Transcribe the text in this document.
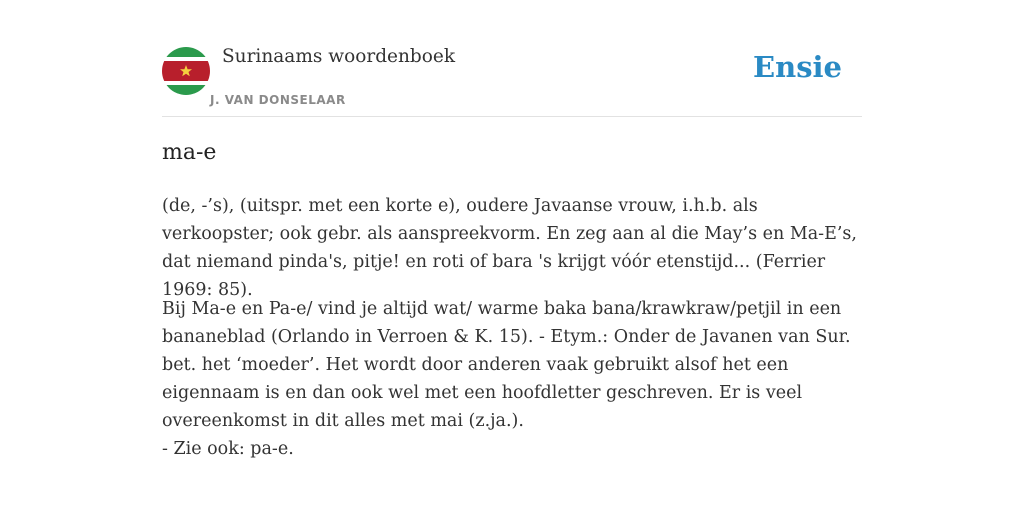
Surinaams woordenboek
J. VAN DONSELAAR
Ensie
ma-e
(de, -’s), (uitspr. met een korte e), oudere Javaanse vrouw, i.h.b. als verkoopster; ook gebr. als aanspreekvorm. En zeg aan al die May’s en Ma-E’s, dat niemand pinda's, pitje! en roti of bara 's krijgt vóór etenstijd... (Ferrier 1969: 85).
Bij Ma-e en Pa-e/ vind je altijd wat/ warme baka bana/krawkraw/petjil in een bananeblad (Orlando in Verroen & K. 15). - Etym.: Onder de Javanen van Sur. bet. het ‘moeder’. Het wordt door anderen vaak gebruikt alsof het een eigennaam is en dan ook wel met een hoofdletter geschreven. Er is veel overeenkomst in dit alles met mai (z.ja.).
- Zie ook: pa-e.
